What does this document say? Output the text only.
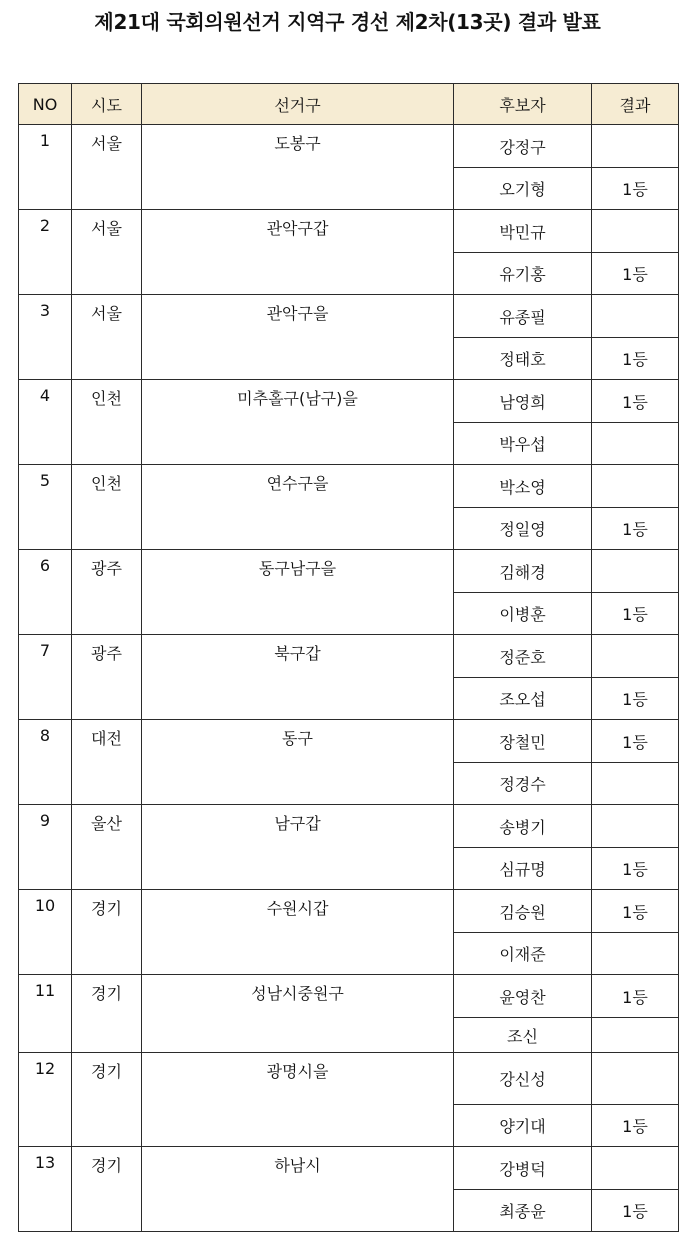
제21대 국회의원선거 지역구 경선 제2차(13곳) 결과 발표
NO	시도	선거구	후보자	결과
1	서울	도봉구	강정구	
			오기형	1등
2	서울	관악구갑	박민규	
			유기홍	1등
3	서울	관악구을	유종필	
			정태호	1등
4	인천	미추홀구(남구)을	남영희	1등
			박우섭	
5	인천	연수구을	박소영	
			정일영	1등
6	광주	동구남구을	김해경	
			이병훈	1등
7	광주	북구갑	정준호	
			조오섭	1등
8	대전	동구	장철민	1등
			정경수	
9	울산	남구갑	송병기	
			심규명	1등
10	경기	수원시갑	김승원	1등
			이재준	
11	경기	성남시중원구	윤영찬	1등
			조신	
12	경기	광명시을	강신성	
			양기대	1등
13	경기	하남시	강병덕	
			최종윤	1등
